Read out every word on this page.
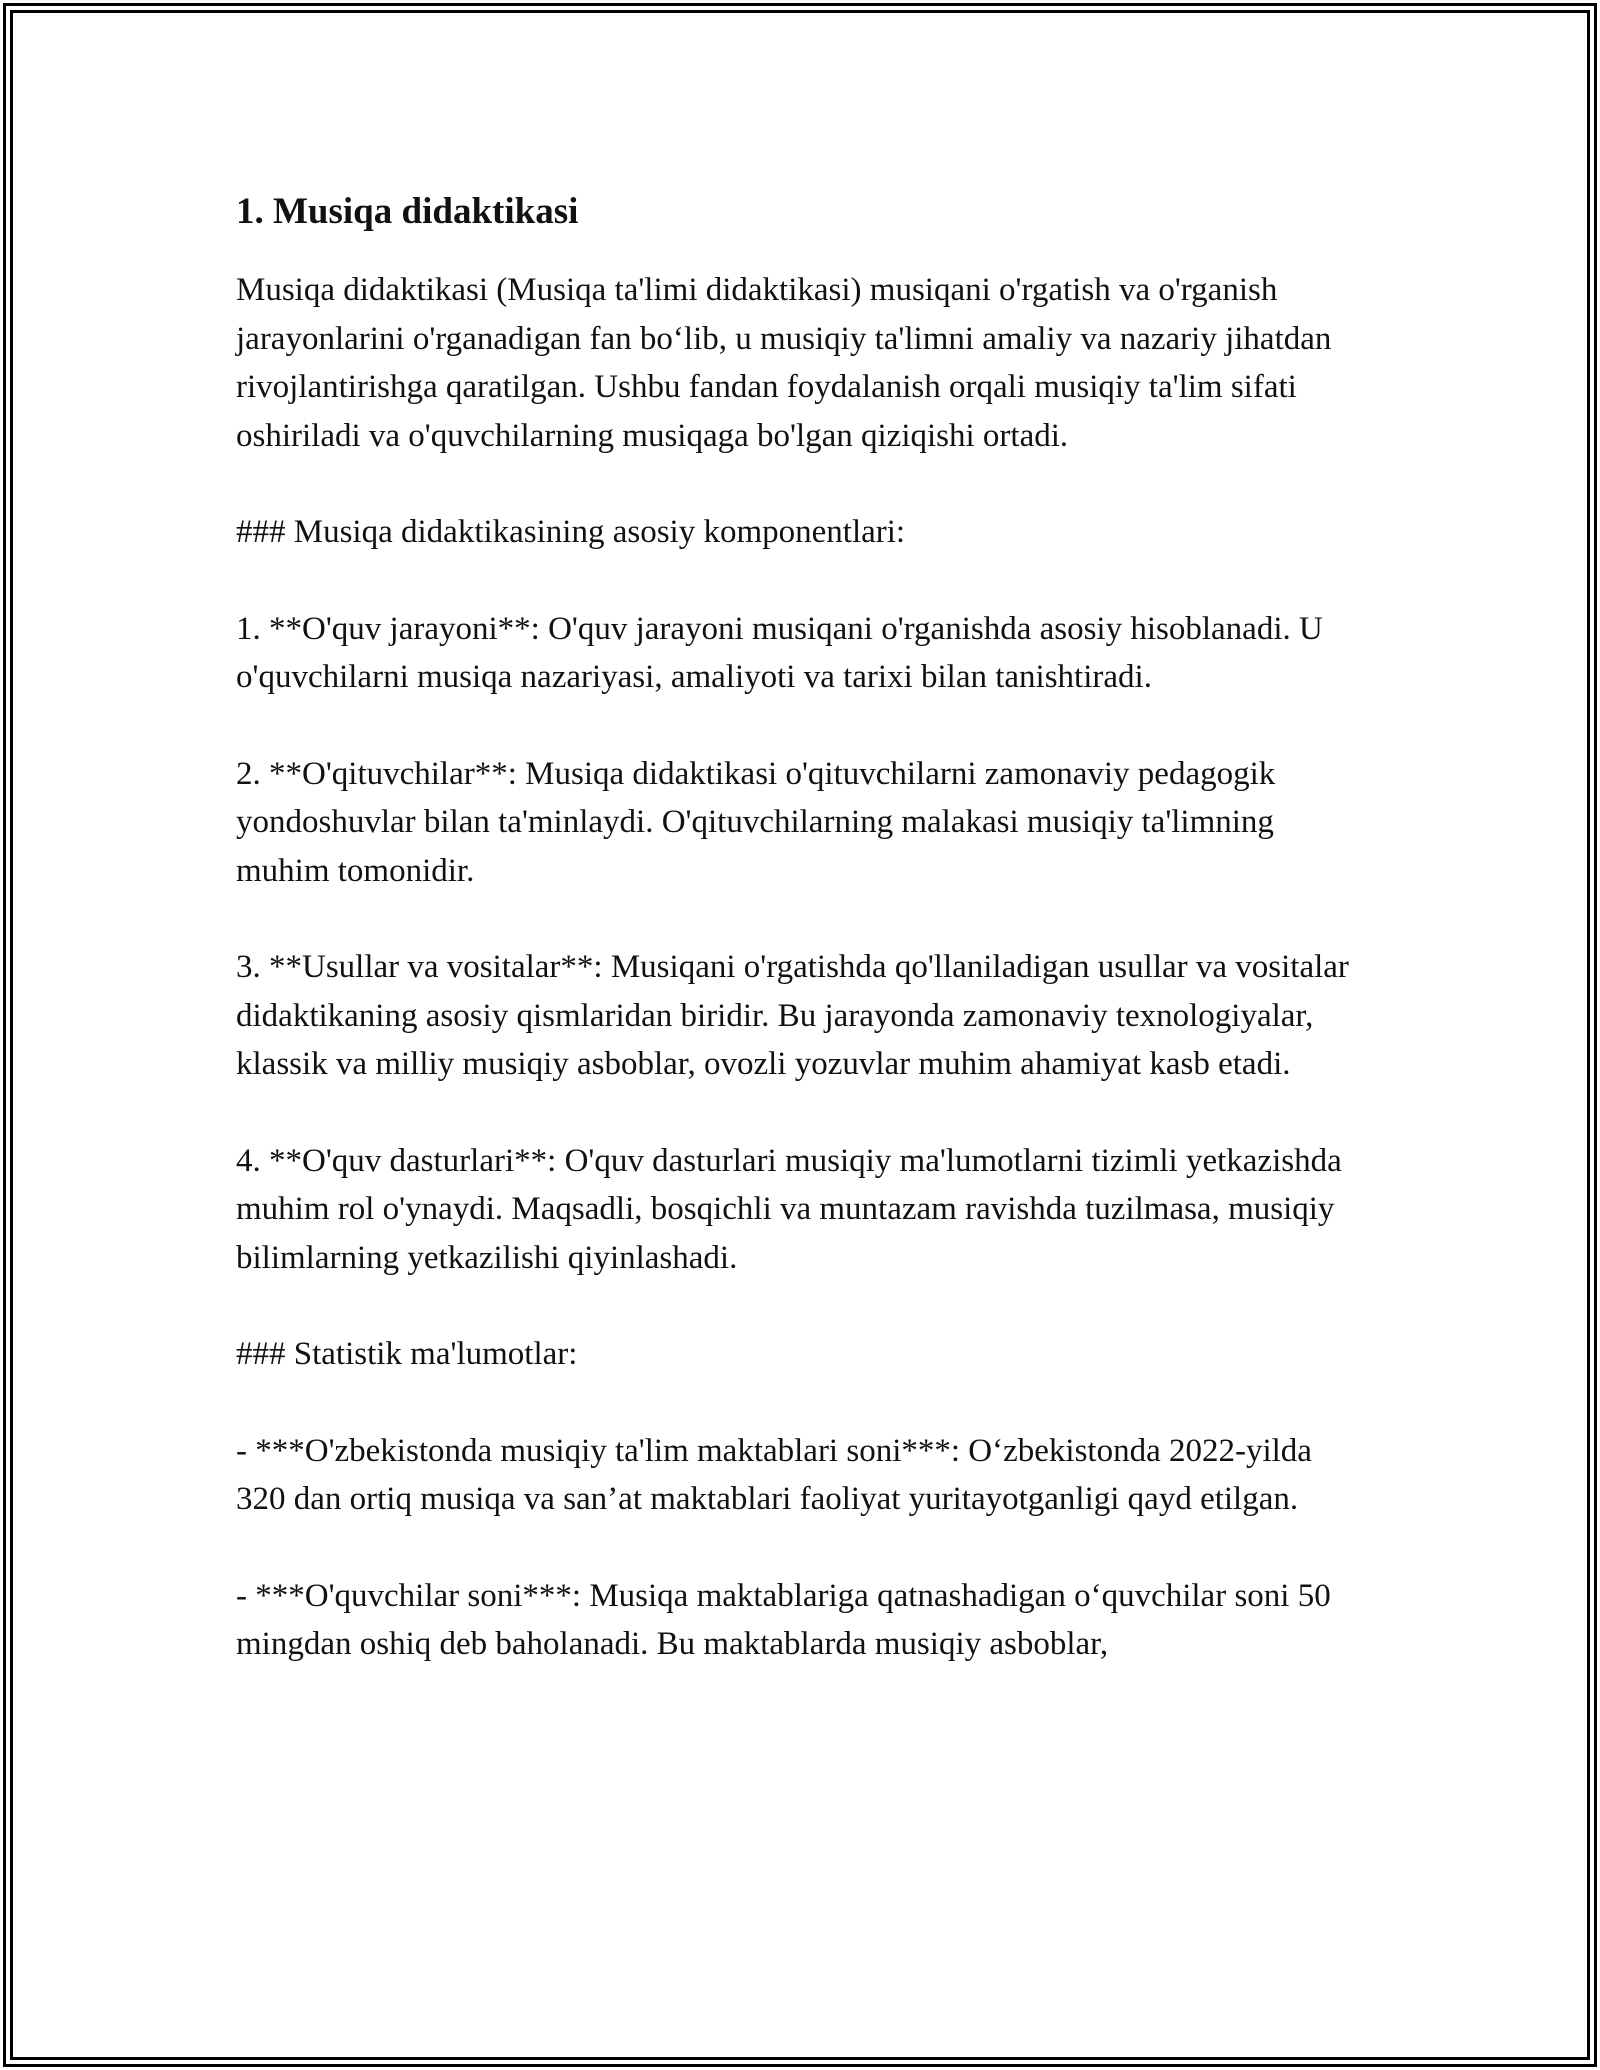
1. Musiqa didaktikasi

Musiqa didaktikasi (Musiqa ta'limi didaktikasi) musiqani o'rgatish va o'rganish jarayonlarini o'rganadigan fan bo‘lib, u musiqiy ta'limni amaliy va nazariy jihatdan rivojlantirishga qaratilgan. Ushbu fandan foydalanish orqali musiqiy ta'lim sifati oshiriladi va o'quvchilarning musiqaga bo'lgan qiziqishi ortadi.

### Musiqa didaktikasining asosiy komponentlari:

1. **O'quv jarayoni**: O'quv jarayoni musiqani o'rganishda asosiy hisoblanadi. U o'quvchilarni musiqa nazariyasi, amaliyoti va tarixi bilan tanishtiradi.

2. **O'qituvchilar**: Musiqa didaktikasi o'qituvchilarni zamonaviy pedagogik yondoshuvlar bilan ta'minlaydi. O'qituvchilarning malakasi musiqiy ta'limning muhim tomonidir.

3. **Usullar va vositalar**: Musiqani o'rgatishda qo'llaniladigan usullar va vositalar didaktikaning asosiy qismlaridan biridir. Bu jarayonda zamonaviy texnologiyalar, klassik va milliy musiqiy asboblar, ovozli yozuvlar muhim ahamiyat kasb etadi.

4. **O'quv dasturlari**: O'quv dasturlari musiqiy ma'lumotlarni tizimli yetkazishda muhim rol o'ynaydi. Maqsadli, bosqichli va muntazam ravishda tuzilmasa, musiqiy bilimlarning yetkazilishi qiyinlashadi.

### Statistik ma'lumotlar:

- ***O'zbekistonda musiqiy ta'lim maktablari soni***: O‘zbekistonda 2022-yilda 320 dan ortiq musiqa va san’at maktablari faoliyat yuritayotganligi qayd etilgan.

- ***O'quvchilar soni***: Musiqa maktablariga qatnashadigan o‘quvchilar soni 50 mingdan oshiq deb baholanadi. Bu maktablarda musiqiy asboblar,
